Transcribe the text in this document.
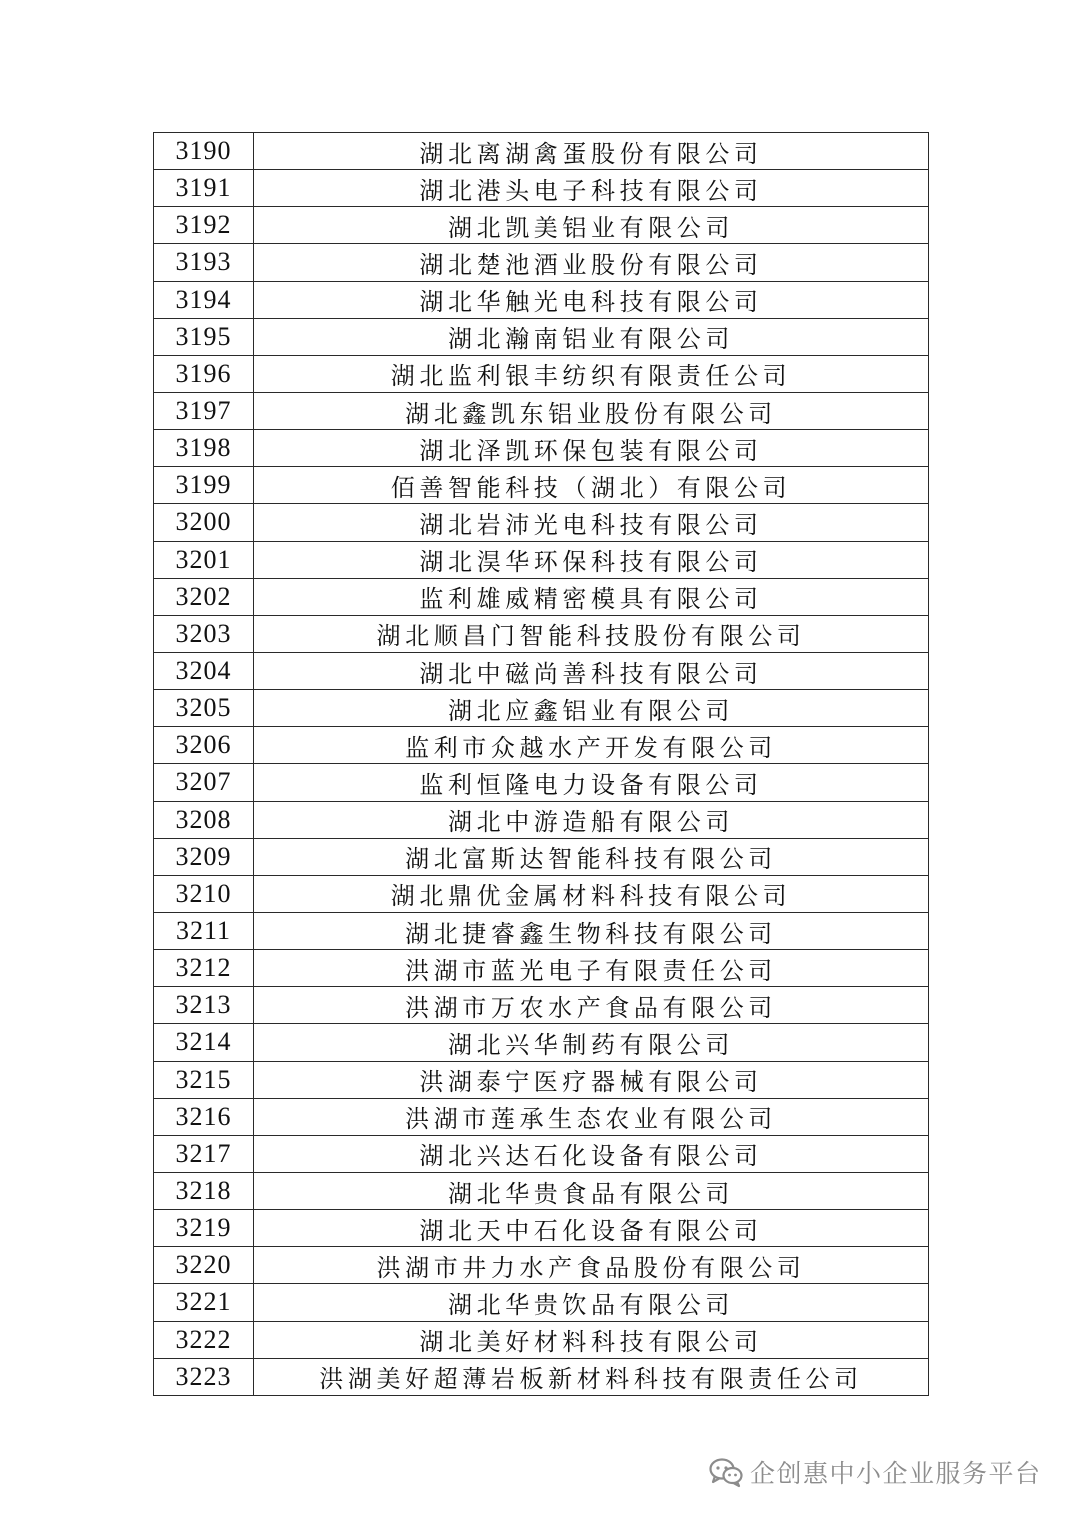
3190	湖北离湖禽蛋股份有限公司
3191	湖北港头电子科技有限公司
3192	湖北凯美铝业有限公司
3193	湖北楚池酒业股份有限公司
3194	湖北华触光电科技有限公司
3195	湖北瀚南铝业有限公司
3196	湖北监利银丰纺织有限责任公司
3197	湖北鑫凯东铝业股份有限公司
3198	湖北泽凯环保包装有限公司
3199	佰善智能科技（湖北）有限公司
3200	湖北岩沛光电科技有限公司
3201	湖北淏华环保科技有限公司
3202	监利雄威精密模具有限公司
3203	湖北顺昌门智能科技股份有限公司
3204	湖北中磁尚善科技有限公司
3205	湖北应鑫铝业有限公司
3206	监利市众越水产开发有限公司
3207	监利恒隆电力设备有限公司
3208	湖北中游造船有限公司
3209	湖北富斯达智能科技有限公司
3210	湖北鼎优金属材料科技有限公司
3211	湖北捷睿鑫生物科技有限公司
3212	洪湖市蓝光电子有限责任公司
3213	洪湖市万农水产食品有限公司
3214	湖北兴华制药有限公司
3215	洪湖泰宁医疗器械有限公司
3216	洪湖市莲承生态农业有限公司
3217	湖北兴达石化设备有限公司
3218	湖北华贵食品有限公司
3219	湖北天中石化设备有限公司
3220	洪湖市井力水产食品股份有限公司
3221	湖北华贵饮品有限公司
3222	湖北美好材料科技有限公司
3223	洪湖美好超薄岩板新材料科技有限责任公司
企创惠中小企业服务平台
